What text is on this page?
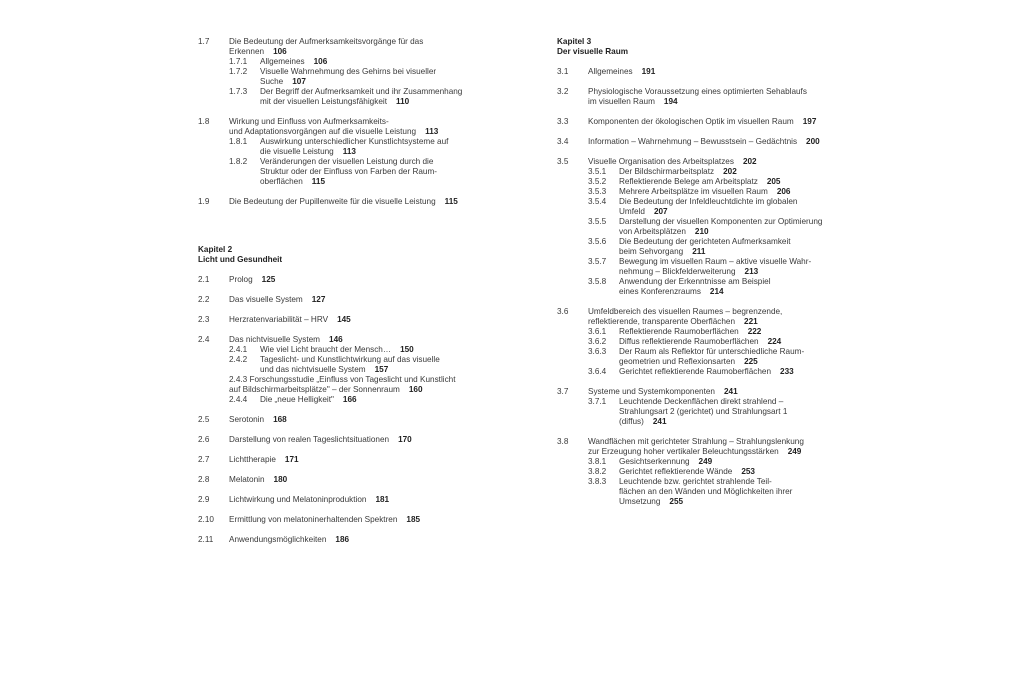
1.7 Die Bedeutung der Aufmerksamkeitsvorgänge für das
Erkennen 106
1.7.1 Allgemeines 106
1.7.2 Visuelle Wahrnehmung des Gehirns bei visueller
Suche 107
1.7.3 Der Begriff der Aufmerksamkeit und ihr Zusammenhang
mit der visuellen Leistungsfähigkeit 110
1.8 Wirkung und Einfluss von Aufmerksamkeits-
und Adaptationsvorgängen auf die visuelle Leistung 113
1.8.1 Auswirkung unterschiedlicher Kunstlichtsysteme auf
die visuelle Leistung 113
1.8.2 Veränderungen der visuellen Leistung durch die
Struktur oder der Einfluss von Farben der Raum-
oberflächen 115
1.9 Die Bedeutung der Pupillenweite für die visuelle Leistung 115
Kapitel 2
Licht und Gesundheit
2.1 Prolog 125
2.2 Das visuelle System 127
2.3 Herzratenvariabilität – HRV 145
2.4 Das nichtvisuelle System 146
2.4.1 Wie viel Licht braucht der Mensch… 150
2.4.2 Tageslicht- und Kunstlichtwirkung auf das visuelle
und das nichtvisuelle System 157
2.4.3 Forschungsstudie „Einfluss von Tageslicht und Kunstlicht
auf Bildschirmarbeitsplätze" – der Sonnenraum 160
2.4.4 Die „neue Helligkeit" 166
2.5 Serotonin 168
2.6 Darstellung von realen Tageslichtsituationen 170
2.7 Lichttherapie 171
2.8 Melatonin 180
2.9 Lichtwirkung und Melatoninproduktion 181
2.10 Ermittlung von melatoninerhaltenden Spektren 185
2.11 Anwendungsmöglichkeiten 186
Kapitel 3
Der visuelle Raum
3.1 Allgemeines 191
3.2 Physiologische Voraussetzung eines optimierten Sehablaufs
im visuellen Raum 194
3.3 Komponenten der ökologischen Optik im visuellen Raum 197
3.4 Information – Wahrnehmung – Bewusstsein – Gedächtnis 200
3.5 Visuelle Organisation des Arbeitsplatzes 202
3.5.1 Der Bildschirmarbeitsplatz 202
3.5.2 Reflektierende Belege am Arbeitsplatz 205
3.5.3 Mehrere Arbeitsplätze im visuellen Raum 206
3.5.4 Die Bedeutung der Infeldleuchtdichte im globalen
Umfeld 207
3.5.5 Darstellung der visuellen Komponenten zur Optimierung
von Arbeitsplätzen 210
3.5.6 Die Bedeutung der gerichteten Aufmerksamkeit
beim Sehvorgang 211
3.5.7 Bewegung im visuellen Raum – aktive visuelle Wahr-
nehmung – Blickfelderweiterung 213
3.5.8 Anwendung der Erkenntnisse am Beispiel
eines Konferenzraums 214
3.6 Umfeldbereich des visuellen Raumes – begrenzende,
reflektierende, transparente Oberflächen 221
3.6.1 Reflektierende Raumoberflächen 222
3.6.2 Diffus reflektierende Raumoberflächen 224
3.6.3 Der Raum als Reflektor für unterschiedliche Raum-
geometrien und Reflexionsarten 225
3.6.4 Gerichtet reflektierende Raumoberflächen 233
3.7 Systeme und Systemkomponenten 241
3.7.1 Leuchtende Deckenflächen direkt strahlend –
Strahlungsart 2 (gerichtet) und Strahlungsart 1
(diffus) 241
3.8 Wandflächen mit gerichteter Strahlung – Strahlungslenkung
zur Erzeugung hoher vertikaler Beleuchtungsstärken 249
3.8.1 Gesichtserkennung 249
3.8.2 Gerichtet reflektierende Wände 253
3.8.3 Leuchtende bzw. gerichtet strahlende Teil-
flächen an den Wänden und Möglichkeiten ihrer
Umsetzung 255
